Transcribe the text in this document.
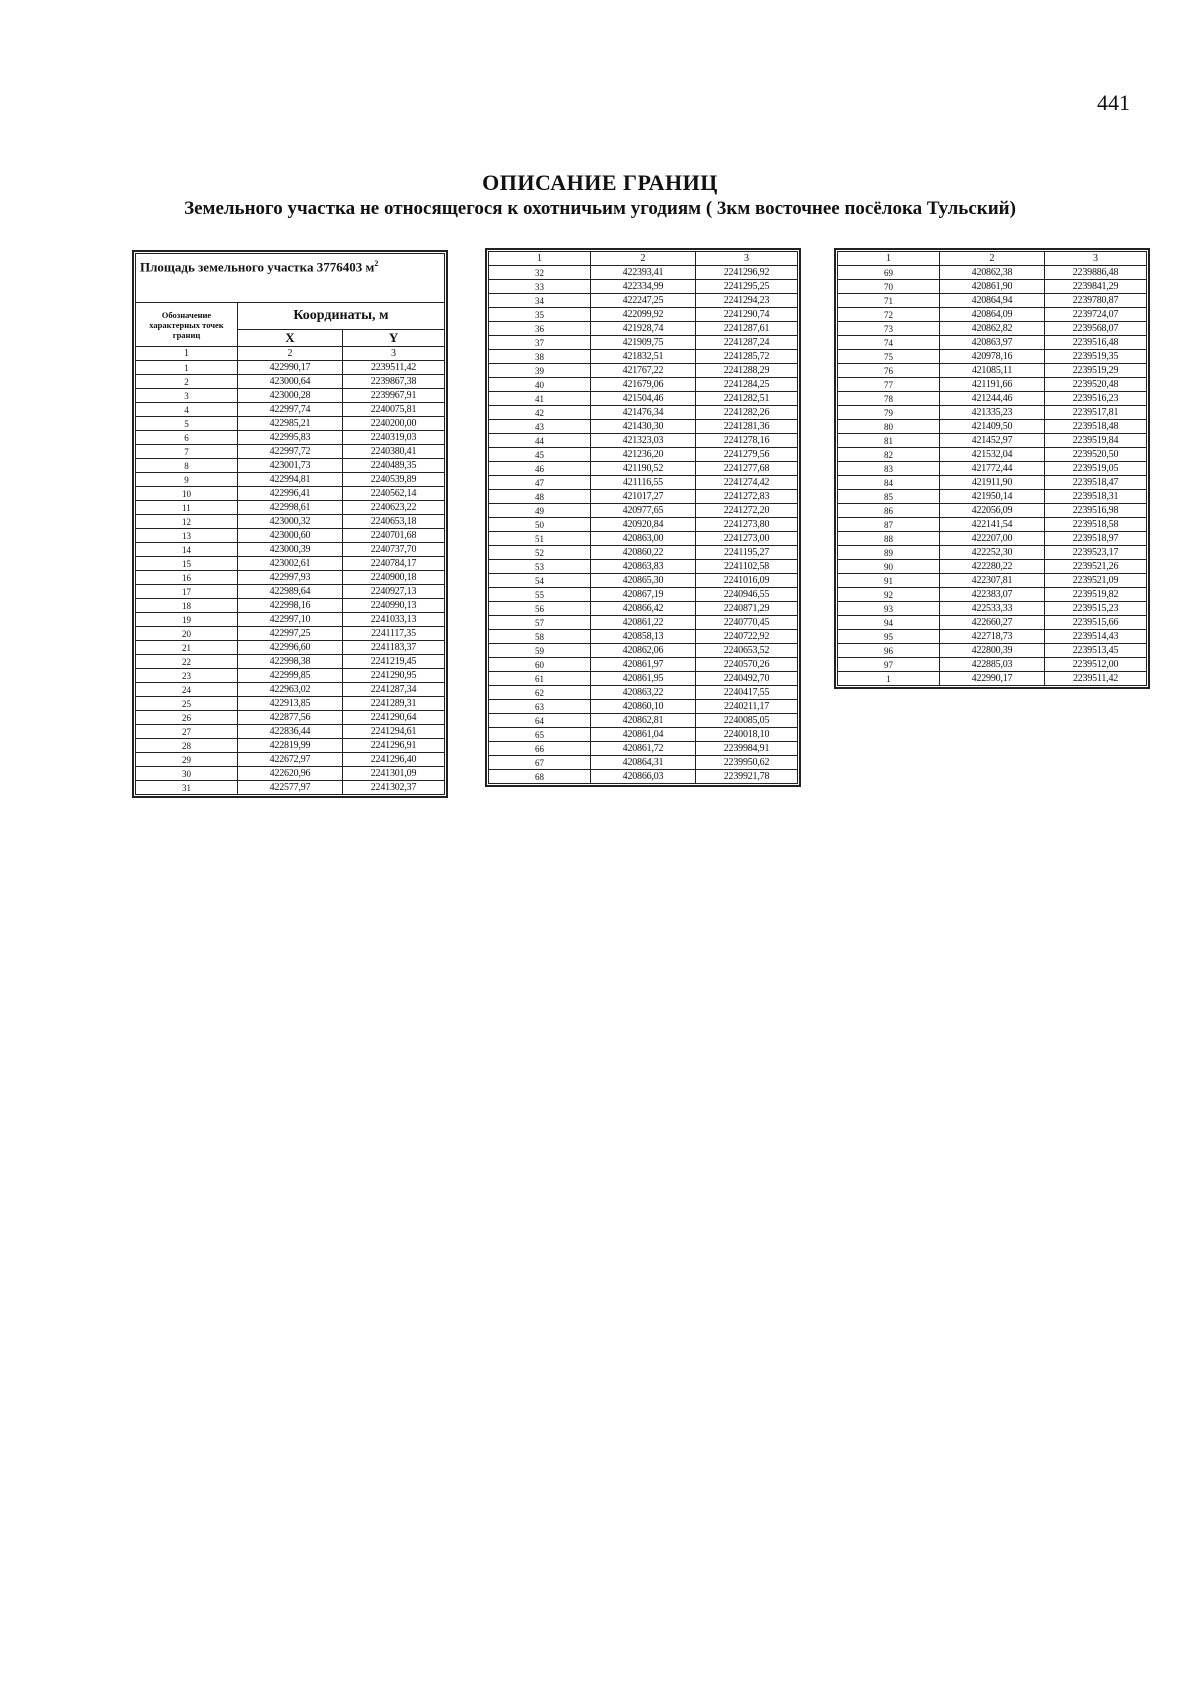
441
ОПИСАНИЕ ГРАНИЦ
Земельного участка не относящегося к охотничьим угодиям ( 3км восточнее посёлока Тульский)
Площадь земельного участка 3776403 $м^2$
Обозначение характерных точек границ	Координаты, м	
	X	Y
1	2	3
1	422990,17	2239511,42
2	423000,64	2239867,38
3	423000,28	2239967,91
4	422997,74	2240075,81
5	422985,21	2240200,00
6	422995,83	2240319,03
7	422997,72	2240380,41
8	423001,73	2240489,35
9	422994,81	2240539,89
10	422996,41	2240562,14
11	422998,61	2240623,22
12	423000,32	2240653,18
13	423000,60	2240701,68
14	423000,39	2240737,70
15	423002,61	2240784,17
16	422997,93	2240900,18
17	422989,64	2240927,13
18	422998,16	2240990,13
19	422997,10	2241033,13
20	422997,25	2241117,35
21	422996,60	2241183,37
22	422998,38	2241219,45
23	422999,85	2241290,95
24	422963,02	2241287,34
25	422913,85	2241289,31
26	422877,56	2241290,64
27	422836,44	2241294,61
28	422819,99	2241296,91
29	422672,97	2241296,40
30	422620,96	2241301,09
31	422577,97	2241302,37
1	2	3
32	422393,41	2241296,92
33	422334,99	2241295,25
34	422247,25	2241294,23
35	422099,92	2241290,74
36	421928,74	2241287,61
37	421909,75	2241287,24
38	421832,51	2241285,72
39	421767,22	2241288,29
40	421679,06	2241284,25
41	421504,46	2241282,51
42	421476,34	2241282,26
43	421430,30	2241281,36
44	421323,03	2241278,16
45	421236,20	2241279,56
46	421190,52	2241277,68
47	421116,55	2241274,42
48	421017,27	2241272,83
49	420977,65	2241272,20
50	420920,84	2241273,80
51	420863,00	2241273,00
52	420860,22	2241195,27
53	420863,83	2241102,58
54	420865,30	2241016,09
55	420867,19	2240946,55
56	420866,42	2240871,29
57	420861,22	2240770,45
58	420858,13	2240722,92
59	420862,06	2240653,52
60	420861,97	2240570,26
61	420861,95	2240492,70
62	420863,22	2240417,55
63	420860,10	2240211,17
64	420862,81	2240085,05
65	420861,04	2240018,10
66	420861,72	2239984,91
67	420864,31	2239950,62
68	420866,03	2239921,78
1	2	3
69	420862,38	2239886,48
70	420861,90	2239841,29
71	420864,94	2239780,87
72	420864,09	2239724,07
73	420862,82	2239568,07
74	420863,97	2239516,48
75	420978,16	2239519,35
76	421085,11	2239519,29
77	421191,66	2239520,48
78	421244,46	2239516,23
79	421335,23	2239517,81
80	421409,50	2239518,48
81	421452,97	2239519,84
82	421532,04	2239520,50
83	421772,44	2239519,05
84	421911,90	2239518,47
85	421950,14	2239518,31
86	422056,09	2239516,98
87	422141,54	2239518,58
88	422207,00	2239518,97
89	422252,30	2239523,17
90	422280,22	2239521,26
91	422307,81	2239521,09
92	422383,07	2239519,82
93	422533,33	2239515,23
94	422660,27	2239515,66
95	422718,73	2239514,43
96	422800,39	2239513,45
97	422885,03	2239512,00
1	422990,17	2239511,42
